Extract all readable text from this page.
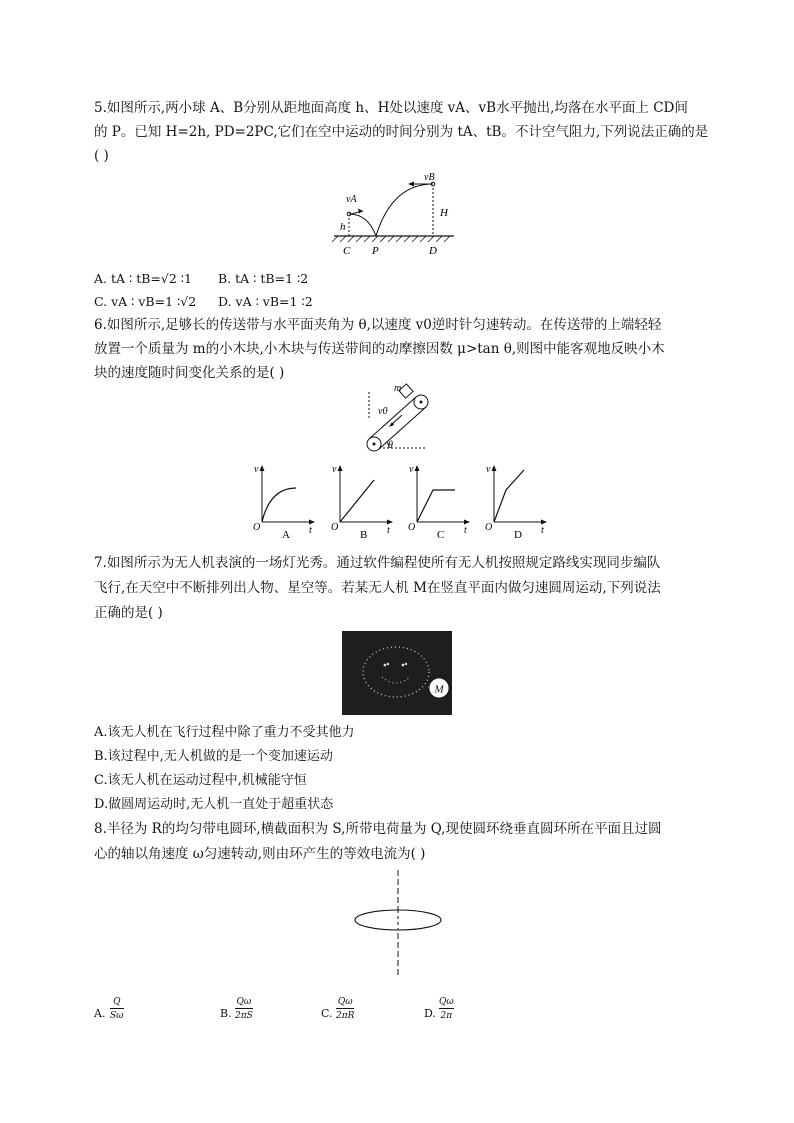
5.如图所示,两小球 A、B分别从距地面高度 h、H处以速度 vA、vB水平抛出,均落在水平面上 CD间
的 P。已知 H=2h, PD=2PC,它们在空中运动的时间分别为 tA、tB。不计空气阻力,下列说法正确的是
( )
vA
vB
H
h
C P	D
A. tA ∶ tB=√2 ∶1 B. tA ∶ tB=1 ∶2
C. vA ∶ vB=1 ∶√2 D. vA ∶ vB=1 ∶2
6.如图所示,足够长的传送带与水平面夹角为 θ,以速度 v0逆时针匀速转动。在传送带的上端轻轻
放置一个质量为 m的小木块,小木块与传送带间的动摩擦因数 μ>tan θ,则图中能客观地反映小木
块的速度随时间变化关系的是( )
m
v0
θ
v
O	t
A
v
O	t
B
v
O	t
C
v
O	t
D
7.如图所示为无人机表演的一场灯光秀。通过软件编程使所有无人机按照规定路线实现同步编队
飞行,在天空中不断排列出人物、星空等。若某无人机 M在竖直平面内做匀速圆周运动,下列说法
正确的是( )
M
A.该无人机在飞行过程中除了重力不受其他力
B.该过程中,无人机做的是一个变加速运动
C.该无人机在运动过程中,机械能守恒
D.做圆周运动时,无人机一直处于超重状态
8.半径为 R的均匀带电圆环,横截面积为 S,所带电荷量为 Q,现使圆环绕垂直圆环所在平面且过圆
心的轴以角速度 ω匀速转动,则由环产生的等效电流为( )
A. $\frac{Q}{S\omega}$	B. $\frac{Q\omega}{2\pi S}$	C. $\frac{Q\omega}{2\pi R}$	D. $\frac{Q\omega}{2\pi}$
